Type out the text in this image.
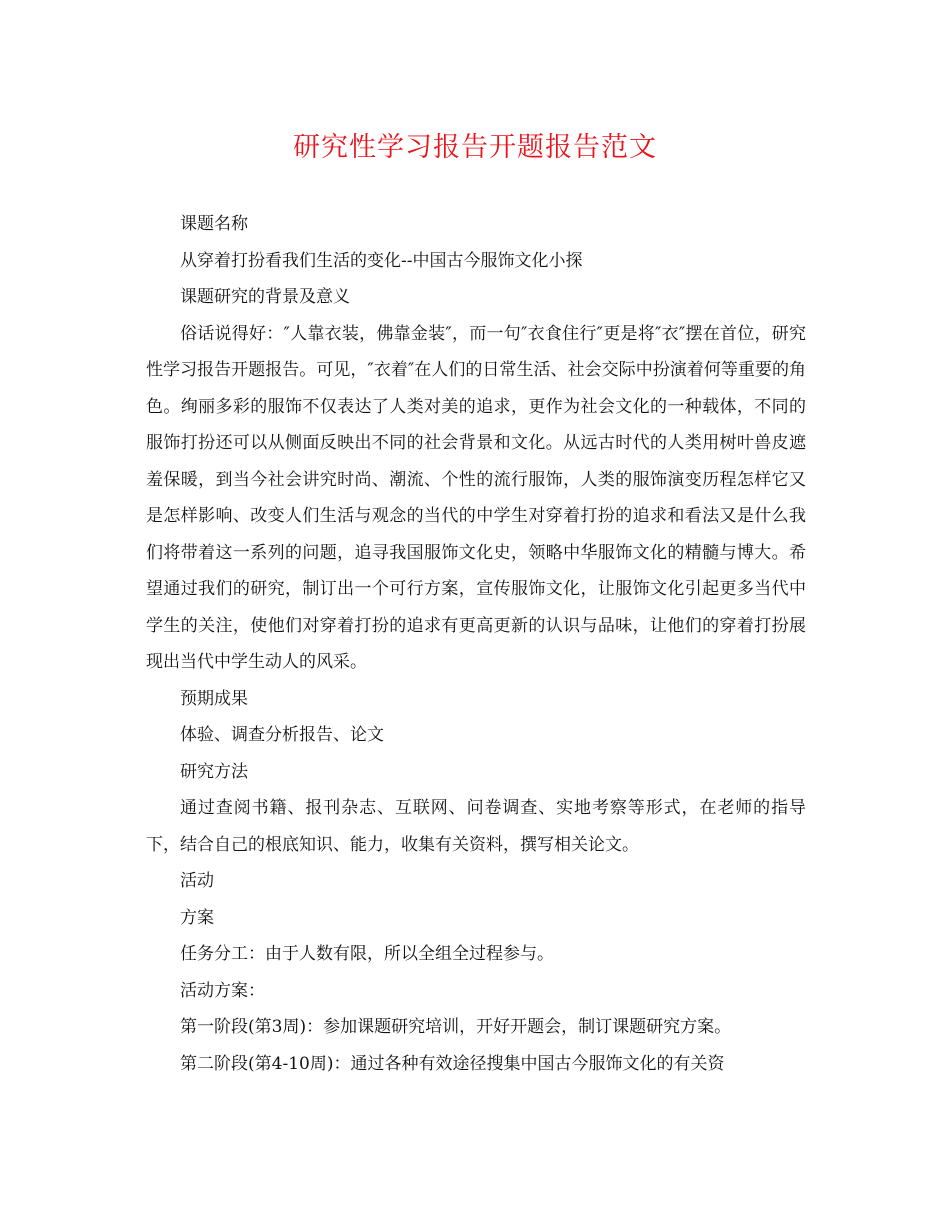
研究性学习报告开题报告范文

课题名称

从穿着打扮看我们生活的变化--中国古今服饰文化小探

课题研究的背景及意义

俗话说得好：″人靠衣装，佛靠金装″，而一句″衣食住行″更是将″衣″摆在首位，研究性学习报告开题报告。可见，″衣着″在人们的日常生活、社会交际中扮演着何等重要的角色。绚丽多彩的服饰不仅表达了人类对美的追求，更作为社会文化的一种载体，不同的服饰打扮还可以从侧面反映出不同的社会背景和文化。从远古时代的人类用树叶兽皮遮羞保暖，到当今社会讲究时尚、潮流、个性的流行服饰，人类的服饰演变历程怎样它又是怎样影响、改变人们生活与观念的当代的中学生对穿着打扮的追求和看法又是什么我们将带着这一系列的问题，追寻我国服饰文化史，领略中华服饰文化的精髓与博大。希望通过我们的研究，制订出一个可行方案，宣传服饰文化，让服饰文化引起更多当代中学生的关注，使他们对穿着打扮的追求有更高更新的认识与品味，让他们的穿着打扮展现出当代中学生动人的风采。

预期成果

体验、调查分析报告、论文

研究方法

通过查阅书籍、报刊杂志、互联网、问卷调查、实地考察等形式，在老师的指导下，结合自己的根底知识、能力，收集有关资料，撰写相关论文。

活动

方案

任务分工：由于人数有限，所以全组全过程参与。

活动方案：

第一阶段(第3周)：参加课题研究培训，开好开题会，制订课题研究方案。

第二阶段(第4-10周)：通过各种有效途径搜集中国古今服饰文化的有关资
